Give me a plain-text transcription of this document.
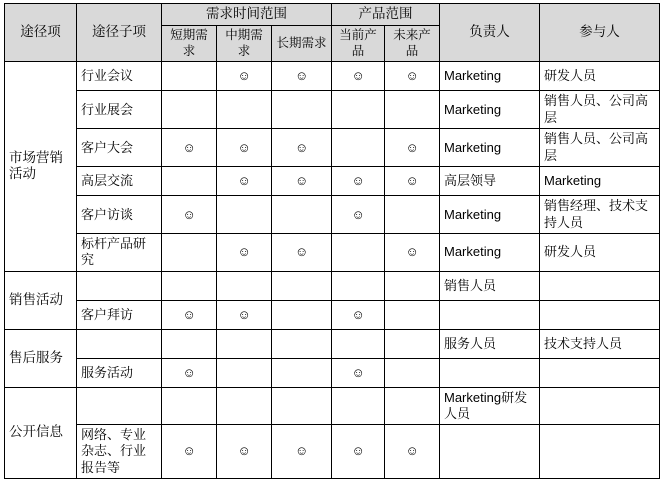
途径项	途径子项	需求时间范围			产品范围		负责人	参与人
		短期需求	中期需求	长期需求	当前产品	未来产品		
市场营销活动	行业会议		☺	☺	☺	☺	Marketing	研发人员
	行业展会						Marketing	销售人员、公司高层
	客户大会	☺	☺	☺		☺	Marketing	销售人员、公司高层
	高层交流		☺	☺	☺	☺	高层领导	Marketing
	客户访谈	☺			☺		Marketing	销售经理、技术支持人员
	标杆产品研究		☺	☺		☺	Marketing	研发人员
销售活动							销售人员	
	客户拜访	☺	☺		☺			
售后服务							服务人员	技术支持人员
	服务活动	☺			☺			
公开信息							Marketing研发人员	
	网络、专业杂志、行业报告等	☺	☺	☺	☺	☺		
